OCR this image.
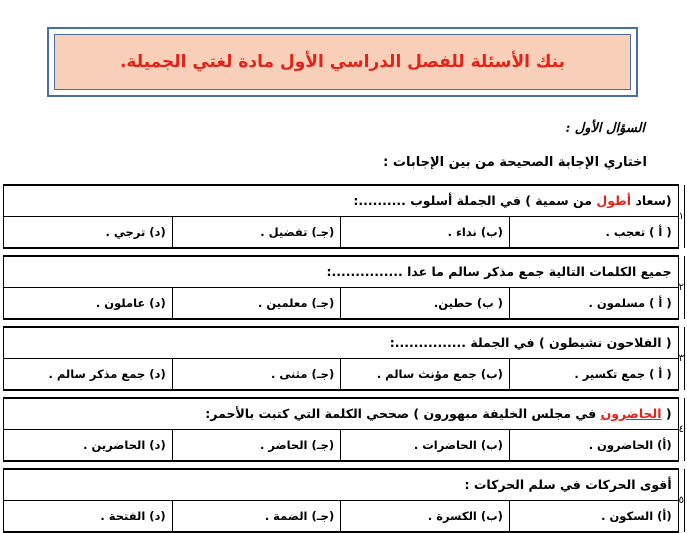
بنك الأسئلة للفصل الدراسي الأول مادة لغتي الجميلة.
السؤال الأول :
اختاري الإجابة الصحيحة من بين الإجابات :
١	(سعاد أطول من سمية ) في الجملة أسلوب ..........:			
	( أ ) تعجب .	(ب) نداء .	(جـ) تفضيل .	(د) ترجي .

٢	جميع الكلمات التالية جمع مذكر سالم ما عدا ...............:			
	( أ ) مسلمون .	( ب) حطين.	(جـ) معلمين .	(د) عاملون .

٣	( الفلاحون نشيطون ) في الجملة ...............:			
	( أ ) جمع تكسير .	(ب) جمع مؤنث سالم .	(جـ) مثنى .	(د) جمع مذكر سالم .

٤	( الحاضرون في مجلس الخليفة مبهورون ) صححي الكلمة التي كتبت بالأحمر:			
	(أ) الحاضرون .	(ب) الحاضرات .	(جـ) الحاضر .	(د) الحاضرين .

٥	أقوى الحركات في سلم الحركات :			
	(أ) السكون .	(ب) الكسرة .	(جـ) الضمة .	(د) الفتحة .
